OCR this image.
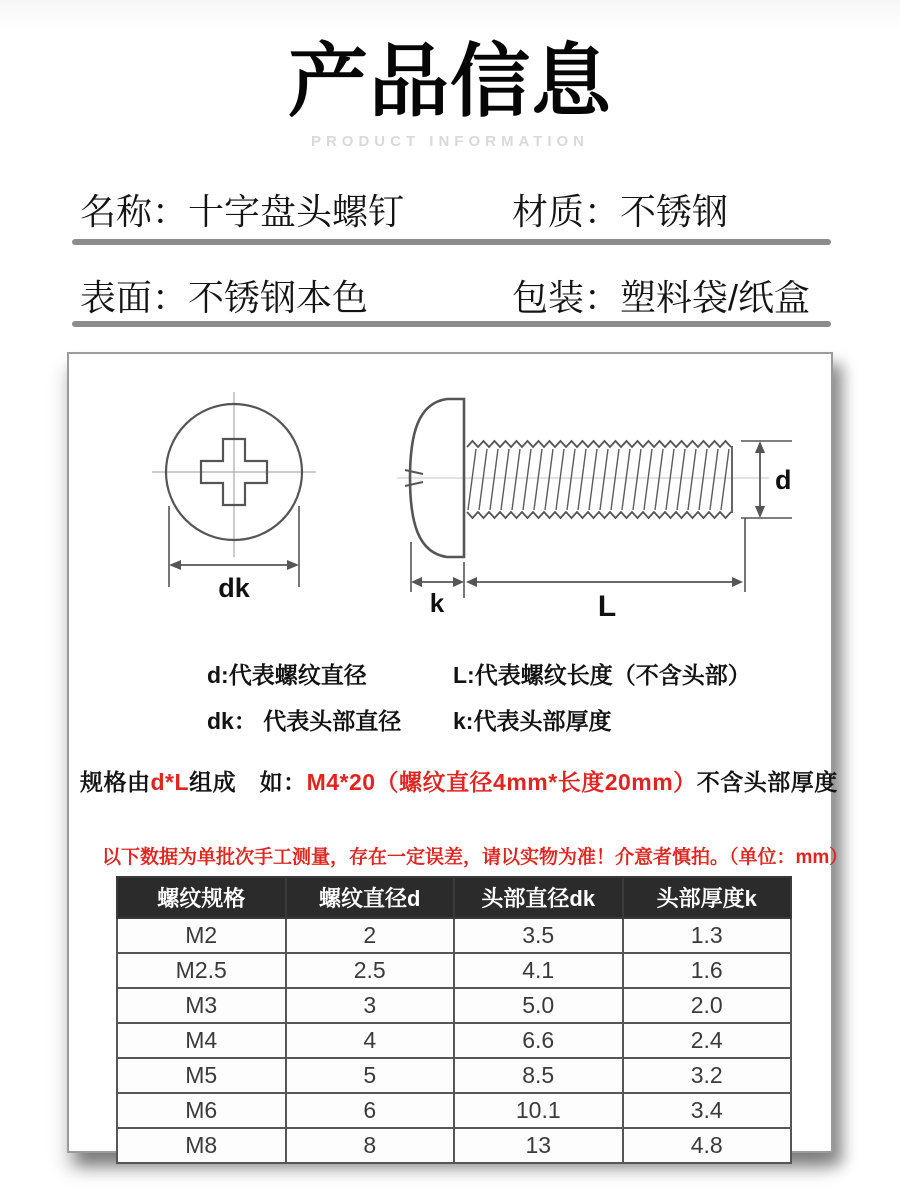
产品信息
PRODUCT INFORMATION
名称：十字盘头螺钉	材质：不锈钢
表面：不锈钢本色	包装：塑料袋/纸盒
dk
d
k	L
d:代表螺纹直径	L:代表螺纹长度（不含头部）
dk： 代表头部直径 k:代表头部厚度
规格由d*L组成　如：M4*20（螺纹直径4mm*长度20mm）不含头部厚度
以下数据为单批次手工测量，存在一定误差，请以实物为准！介意者慎拍。（单位：mm）
螺纹规格	螺纹直径d	头部直径dk	头部厚度k
M2	2	3.5	1.3
M2.5	2.5	4.1	1.6
M3	3	5.0	2.0
M4	4	6.6	2.4
M5	5	8.5	3.2
M6	6	10.1	3.4
M8	8	13	4.8
